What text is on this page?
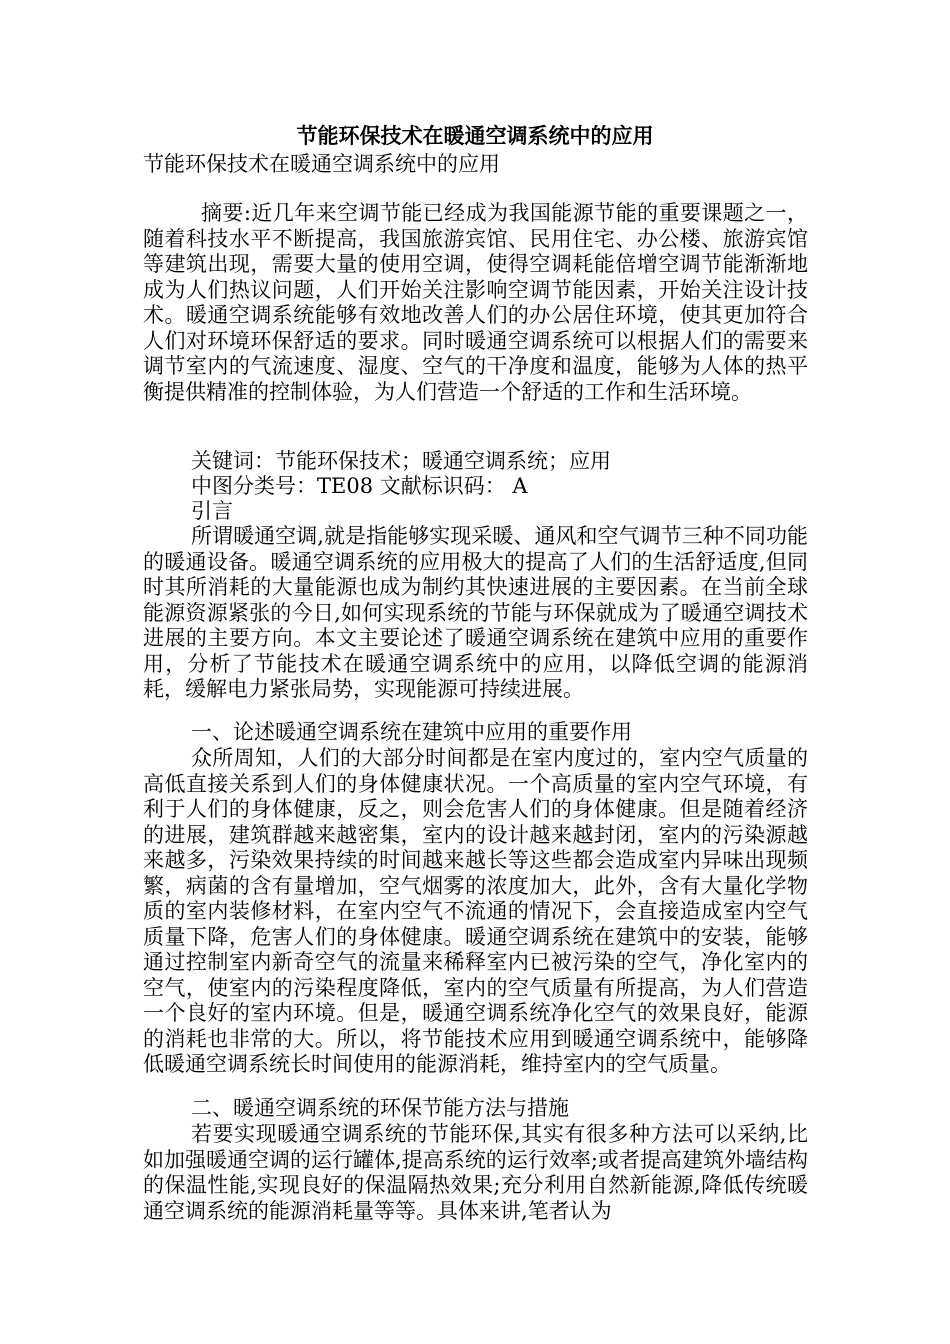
节能环保技术在暖通空调系统中的应用

节能环保技术在暖通空调系统中的应用

摘要:近几年来空调节能已经成为我国能源节能的重要课题之一，随着科技水平不断提高，我国旅游宾馆、民用住宅、办公楼、旅游宾馆等建筑出现，需要大量的使用空调，使得空调耗能倍增空调节能渐渐地成为人们热议问题，人们开始关注影响空调节能因素，开始关注设计技术。暖通空调系统能够有效地改善人们的办公居住环境，使其更加符合人们对环境环保舒适的要求。同时暖通空调系统可以根据人们的需要来调节室内的气流速度、湿度、空气的干净度和温度，能够为人体的热平衡提供精准的控制体验，为人们营造一个舒适的工作和生活环境。

关键词：节能环保技术；暖通空调系统；应用

中图分类号：TE08 文献标识码： A

引言

所谓暖通空调,就是指能够实现采暖、通风和空气调节三种不同功能的暖通设备。暖通空调系统的应用极大的提高了人们的生活舒适度,但同时其所消耗的大量能源也成为制约其快速进展的主要因素。在当前全球能源资源紧张的今日,如何实现系统的节能与环保就成为了暖通空调技术进展的主要方向。本文主要论述了暖通空调系统在建筑中应用的重要作用，分析了节能技术在暖通空调系统中的应用，以降低空调的能源消耗，缓解电力紧张局势，实现能源可持续进展。

一、论述暖通空调系统在建筑中应用的重要作用

众所周知，人们的大部分时间都是在室内度过的，室内空气质量的高低直接关系到人们的身体健康状况。一个高质量的室内空气环境，有利于人们的身体健康，反之，则会危害人们的身体健康。但是随着经济的进展，建筑群越来越密集，室内的设计越来越封闭，室内的污染源越来越多，污染效果持续的时间越来越长等这些都会造成室内异味出现频繁，病菌的含有量增加，空气烟雾的浓度加大，此外，含有大量化学物质的室内装修材料，在室内空气不流通的情况下，会直接造成室内空气质量下降，危害人们的身体健康。暖通空调系统在建筑中的安装，能够通过控制室内新奇空气的流量来稀释室内已被污染的空气，净化室内的空气，使室内的污染程度降低，室内的空气质量有所提高，为人们营造一个良好的室内环境。但是，暖通空调系统净化空气的效果良好，能源的消耗也非常的大。所以，将节能技术应用到暖通空调系统中，能够降低暖通空调系统长时间使用的能源消耗，维持室内的空气质量。

二、暖通空调系统的环保节能方法与措施

若要实现暖通空调系统的节能环保,其实有很多种方法可以采纳,比如加强暖通空调的运行罐体,提高系统的运行效率;或者提高建筑外墙结构的保温性能,实现良好的保温隔热效果;充分利用自然新能源,降低传统暖通空调系统的能源消耗量等等。具体来讲,笔者认为
